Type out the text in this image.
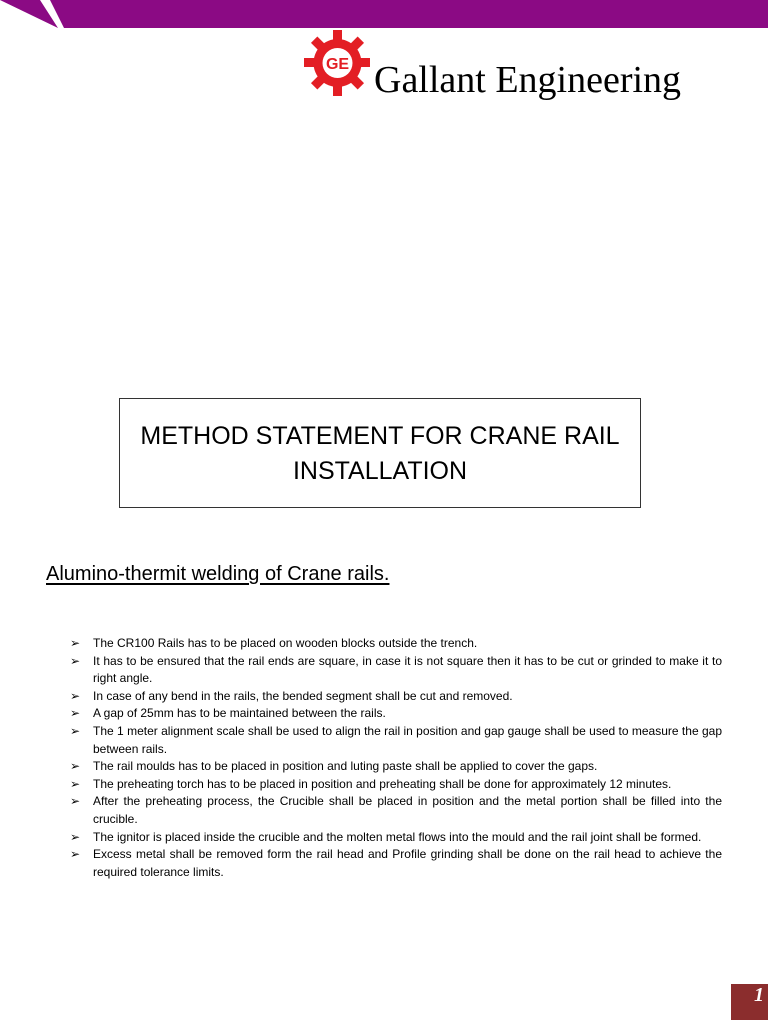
GE Gallant Engineering
METHOD STATEMENT FOR CRANE RAIL INSTALLATION
Alumino-thermit welding of Crane rails.
➢ The CR100 Rails has to be placed on wooden blocks outside the trench.
➢ It has to be ensured that the rail ends are square, in case it is not square then it has to be cut or grinded to make it to right angle.
➢ In case of any bend in the rails, the bended segment shall be cut and removed.
➢ A gap of 25mm has to be maintained between the rails.
➢ The 1 meter alignment scale shall be used to align the rail in position and gap gauge shall be used to measure the gap between rails.
➢ The rail moulds has to be placed in position and luting paste shall be applied to cover the gaps.
➢ The preheating torch has to be placed in position and preheating shall be done for approximately 12 minutes.
➢ After the preheating process, the Crucible shall be placed in position and the metal portion shall be filled into the crucible.
➢ The ignitor is placed inside the crucible and the molten metal flows into the mould and the rail joint shall be formed.
➢ Excess metal shall be removed form the rail head and Profile grinding shall be done on the rail head to achieve the required tolerance limits.
1
